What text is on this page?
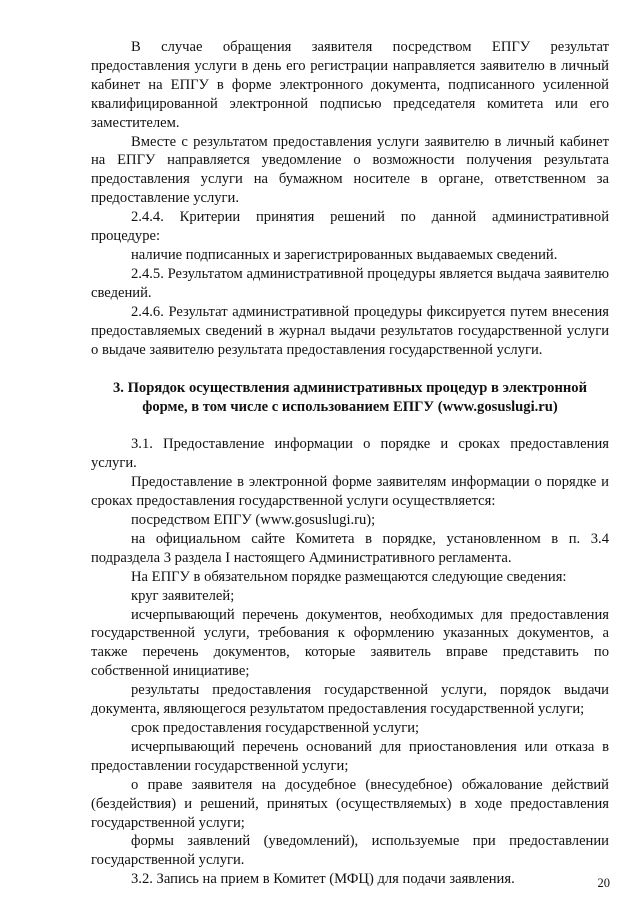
В случае обращения заявителя посредством ЕПГУ результат предоставления услуги в день его регистрации направляется заявителю в личный кабинет на ЕПГУ в форме электронного документа, подписанного усиленной квалифицированной электронной подписью председателя комитета или его заместителем.

Вместе с результатом предоставления услуги заявителю в личный кабинет на ЕПГУ направляется уведомление о возможности получения результата предоставления услуги на бумажном носителе в органе, ответственном за предоставление услуги.

2.4.4. Критерии принятия решений по данной административной процедуре:

наличие подписанных и зарегистрированных выдаваемых сведений.

2.4.5. Результатом административной процедуры является выдача заявителю сведений.

2.4.6. Результат административной процедуры фиксируется путем внесения предоставляемых сведений в журнал выдачи результатов государственной услуги о выдаче заявителю результата предоставления государственной услуги.

3. Порядок осуществления административных процедур в электронной форме, в том числе с использованием ЕПГУ (www.gosuslugi.ru)

3.1. Предоставление информации о порядке и сроках предоставления услуги.

Предоставление в электронной форме заявителям информации о порядке и сроках предоставления государственной услуги осуществляется:

посредством ЕПГУ (www.gosuslugi.ru);

на официальном сайте Комитета в порядке, установленном в п. 3.4 подраздела 3 раздела I настоящего Административного регламента.

На ЕПГУ в обязательном порядке размещаются следующие сведения:

круг заявителей;

исчерпывающий перечень документов, необходимых для предоставления государственной услуги, требования к оформлению указанных документов, а также перечень документов, которые заявитель вправе представить по собственной инициативе;

результаты предоставления государственной услуги, порядок выдачи документа, являющегося результатом предоставления государственной услуги;

срок предоставления государственной услуги;

исчерпывающий перечень оснований для приостановления или отказа в предоставлении государственной услуги;

о праве заявителя на досудебное (внесудебное) обжалование действий (бездействия) и решений, принятых (осуществляемых) в ходе предоставления государственной услуги;

формы заявлений (уведомлений), используемые при предоставлении государственной услуги.

3.2. Запись на прием в Комитет (МФЦ) для подачи заявления.	20
